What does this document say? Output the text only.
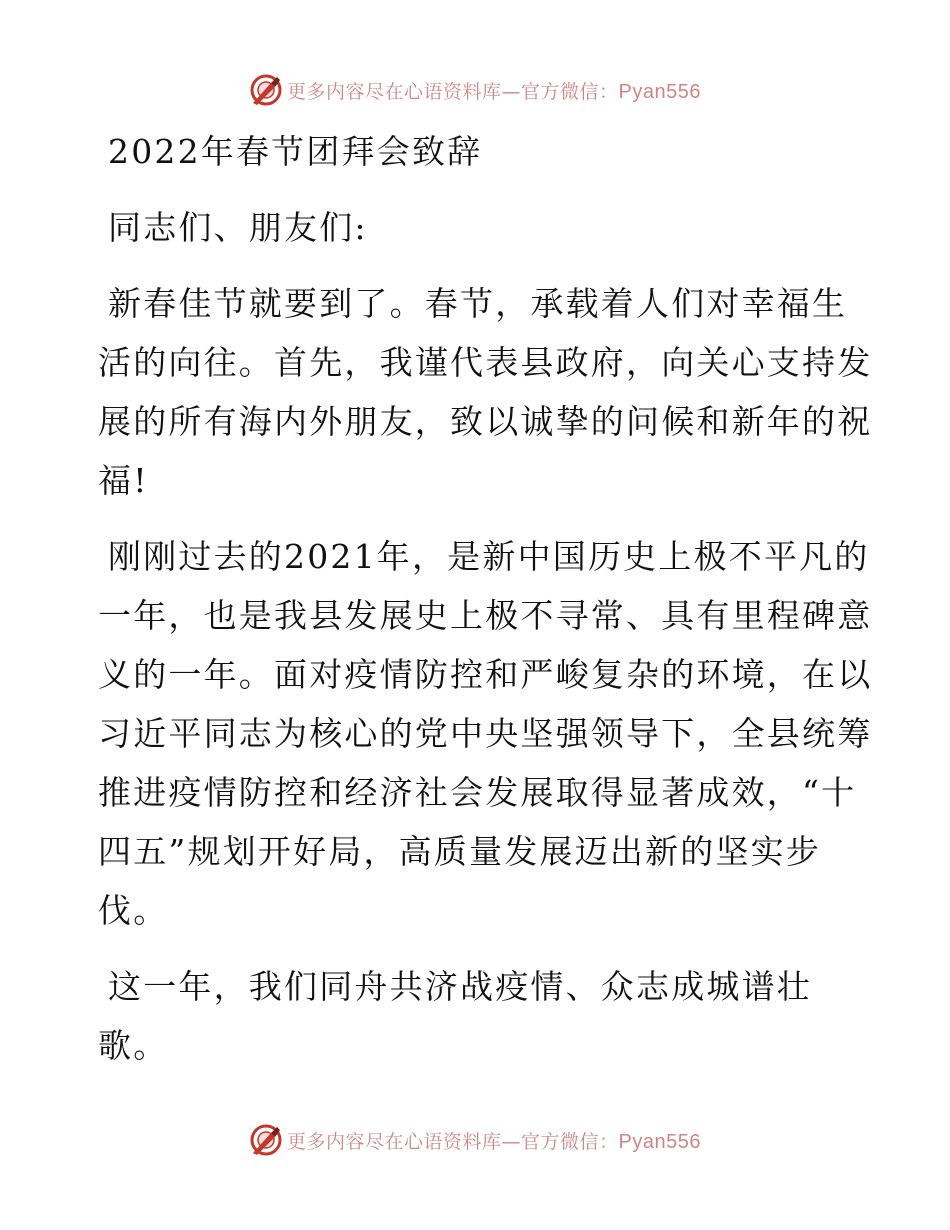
更多内容尽在心语资料库—官方微信：Pyan556
2022年春节团拜会致辞
同志们、朋友们:
新春佳节就要到了。春节，承载着人们对幸福生
活的向往。首先，我谨代表县政府，向关心支持发
展的所有海内外朋友，致以诚挚的问候和新年的祝
福!
刚刚过去的2021年，是新中国历史上极不平凡的
一年，也是我县发展史上极不寻常、具有里程碑意
义的一年。面对疫情防控和严峻复杂的环境，在以
习近平同志为核心的党中央坚强领导下，全县统筹
推进疫情防控和经济社会发展取得显著成效，“十
四五”规划开好局，高质量发展迈出新的坚实步
伐。
这一年，我们同舟共济战疫情、众志成城谱壮
歌。
更多内容尽在心语资料库—官方微信：Pyan556
